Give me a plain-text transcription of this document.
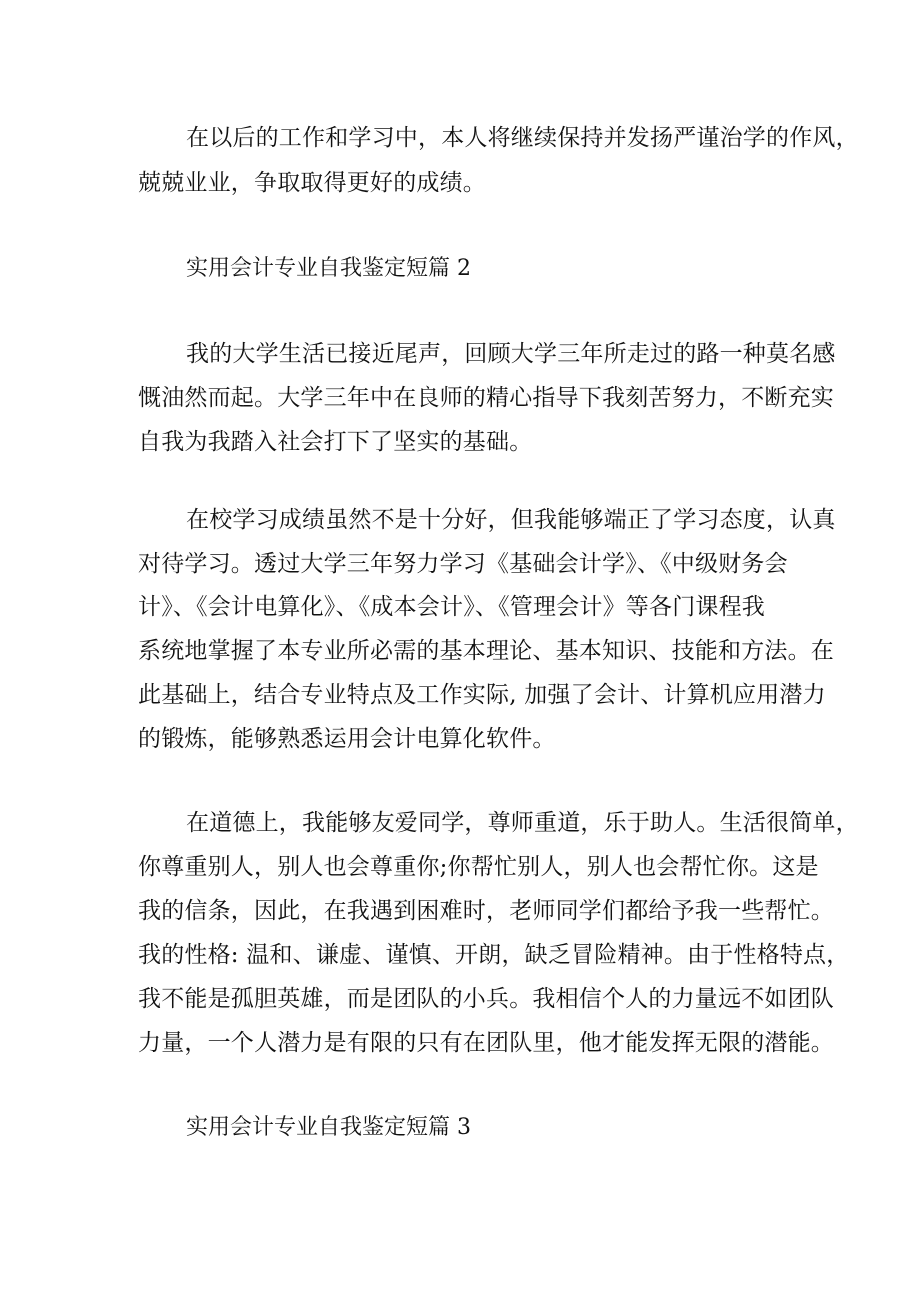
在以后的工作和学习中，本人将继续保持并发扬严谨治学的作风，
兢兢业业，争取取得更好的成绩。
实用会计专业自我鉴定短篇 2
我的大学生活已接近尾声，回顾大学三年所走过的路一种莫名感
慨油然而起。大学三年中在良师的精心指导下我刻苦努力，不断充实
自我为我踏入社会打下了坚实的基础。
在校学习成绩虽然不是十分好，但我能够端正了学习态度，认真
对待学习。透过大学三年努力学习《基础会计学》、《中级财务会
计》、《会计电算化》、《成本会计》、《管理会计》等各门课程我
系统地掌握了本专业所必需的基本理论、基本知识、技能和方法。在
此基础上，结合专业特点及工作实际, 加强了会计、计算机应用潜力
的锻炼，能够熟悉运用会计电算化软件。
在道德上，我能够友爱同学，尊师重道，乐于助人。生活很简单，
你尊重别人，别人也会尊重你;你帮忙别人，别人也会帮忙你。这是
我的信条，因此，在我遇到困难时，老师同学们都给予我一些帮忙。
我的性格: 温和、谦虚、谨慎、开朗，缺乏冒险精神。由于性格特点，
我不能是孤胆英雄，而是团队的小兵。我相信个人的力量远不如团队
力量，一个人潜力是有限的只有在团队里，他才能发挥无限的潜能。
实用会计专业自我鉴定短篇 3
